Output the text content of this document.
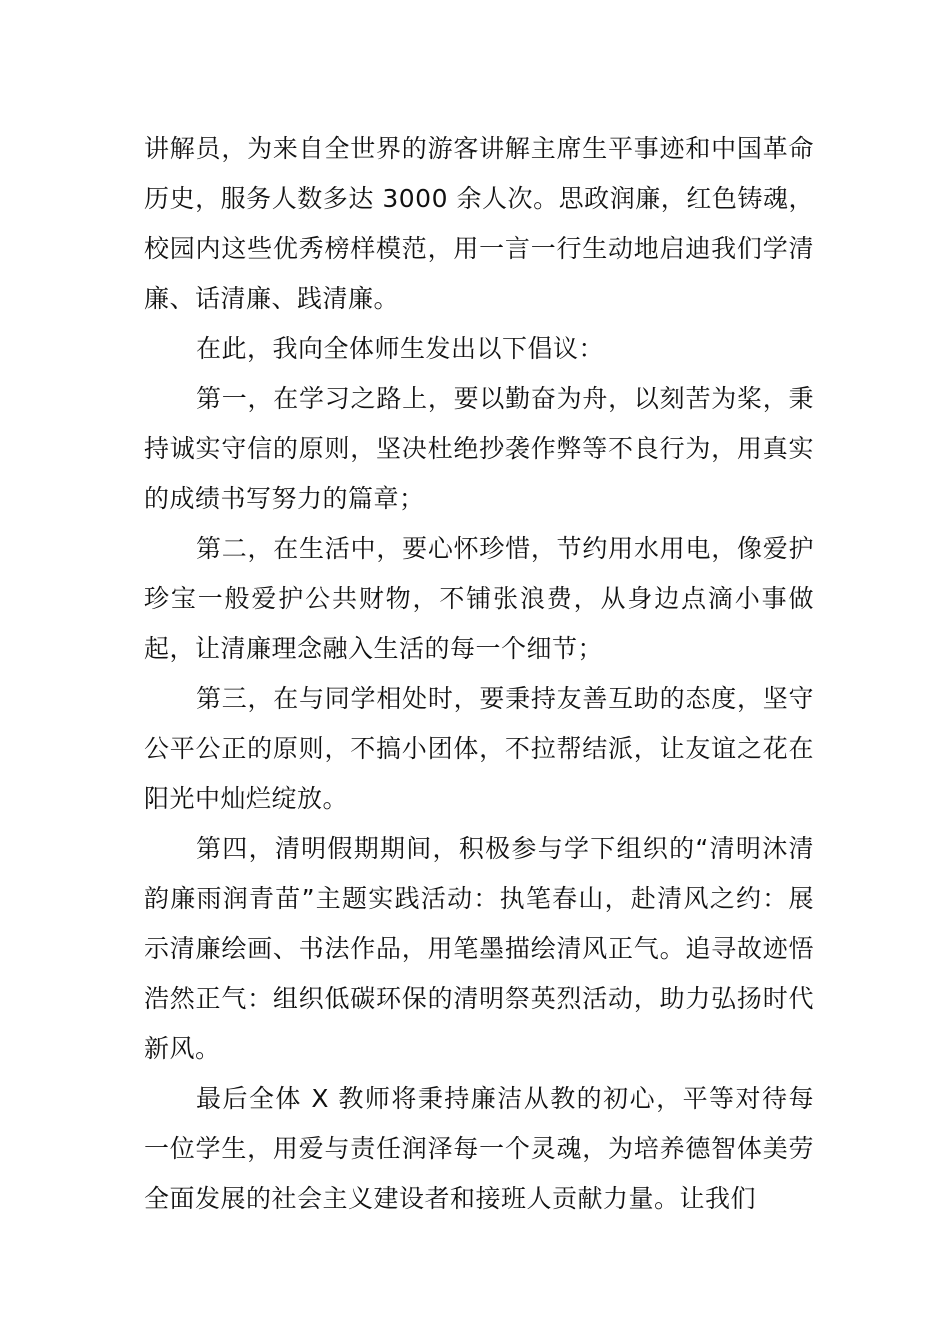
讲解员，为来自全世界的游客讲解主席生平事迹和中国革命历史，服务人数多达 3000 余人次。思政润廉，红色铸魂，校园内这些优秀榜样模范，用一言一行生动地启迪我们学清廉、话清廉、践清廉。

在此，我向全体师生发出以下倡议：

第一，在学习之路上，要以勤奋为舟，以刻苦为桨，秉持诚实守信的原则，坚决杜绝抄袭作弊等不良行为，用真实的成绩书写努力的篇章；

第二，在生活中，要心怀珍惜，节约用水用电，像爱护珍宝一般爱护公共财物，不铺张浪费，从身边点滴小事做起，让清廉理念融入生活的每一个细节；

第三，在与同学相处时，要秉持友善互助的态度，坚守公平公正的原则，不搞小团体，不拉帮结派，让友谊之花在阳光中灿烂绽放。

第四，清明假期期间，积极参与学下组织的“清明沐清韵廉雨润青苗”主题实践活动：执笔春山，赴清风之约：展示清廉绘画、书法作品，用笔墨描绘清风正气。追寻故迹悟浩然正气：组织低碳环保的清明祭英烈活动，助力弘扬时代新风。

最后全体 X 教师将秉持廉洁从教的初心，平等对待每一位学生，用爱与责任润泽每一个灵魂，为培养德智体美劳全面发展的社会主义建设者和接班人贡献力量。让我们
